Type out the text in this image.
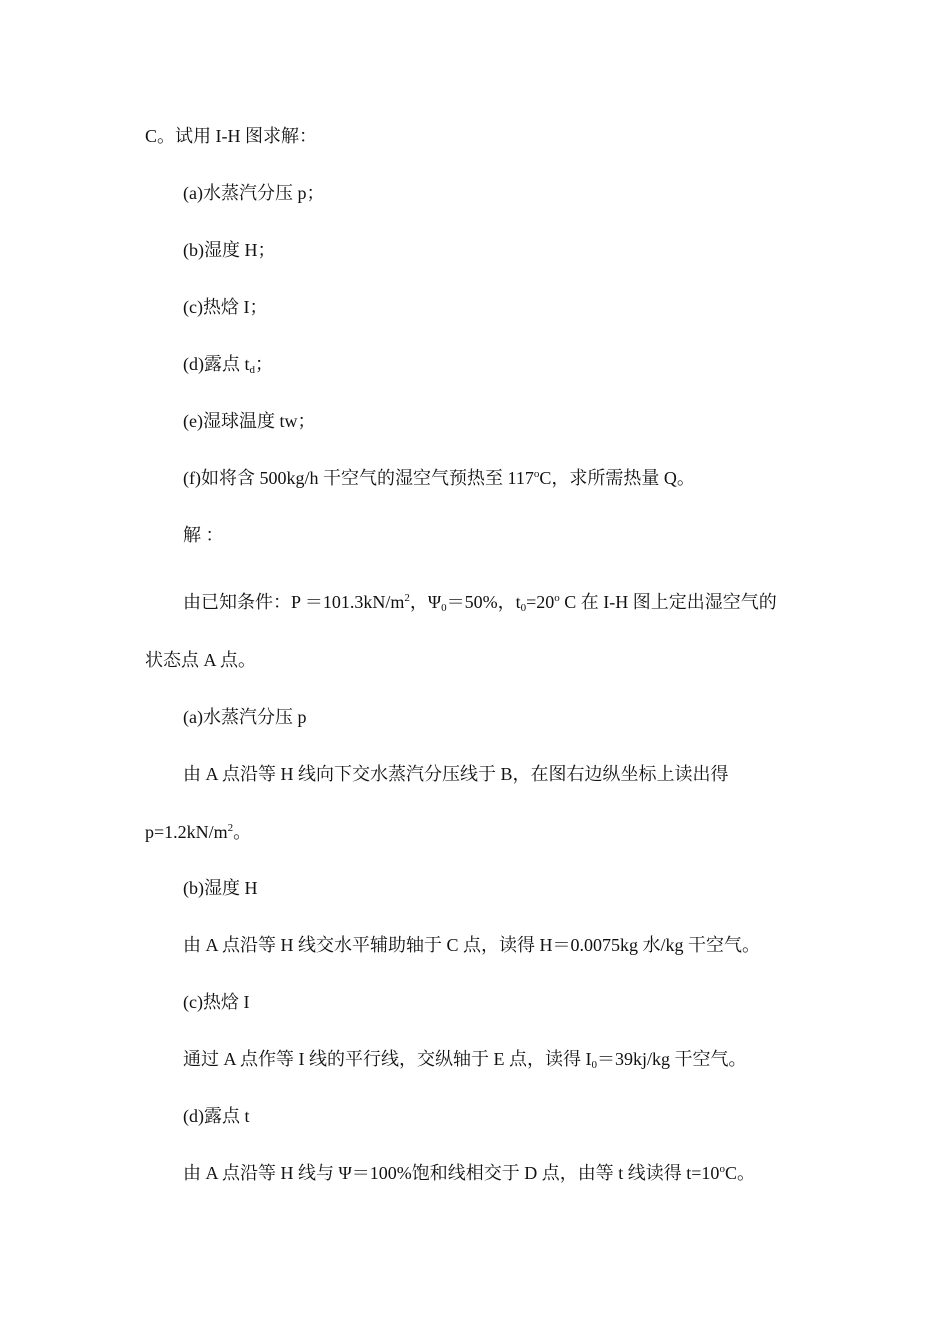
C。试用 I-H 图求解：
(a)水蒸汽分压 p；
(b)湿度 H；
(c)热焓 I；
(d)露点 $t_d$；
(e)湿球温度 tw；
(f)如将含 500kg/h 干空气的湿空气预热至 117$^o$C，求所需热量 Q。
解 ：
由已知条件：$P =101.3kN/m^2$，$\Psi_0=50\%$，$t_0=20^o$ C 在 I-H 图上定出湿空气的
状态点 A 点。
(a)水蒸汽分压 p
由 A 点沿等 H 线向下交水蒸汽分压线于 B，在图右边纵坐标上读出得
$p=1.2kN/m^2$。
(b)湿度 H
由 A 点沿等 H 线交水平辅助轴于 C 点，读得 H＝0.0075kg 水/kg 干空气。
(c)热焓 I
通过 A 点作等 I 线的平行线，交纵轴于 E 点，读得 $I_0=39kj/kg$ 干空气。
(d)露点 t
由 A 点沿等 H 线与 Ψ＝100%饱和线相交于 D 点，由等 t 线读得 $t=10^oC$。
